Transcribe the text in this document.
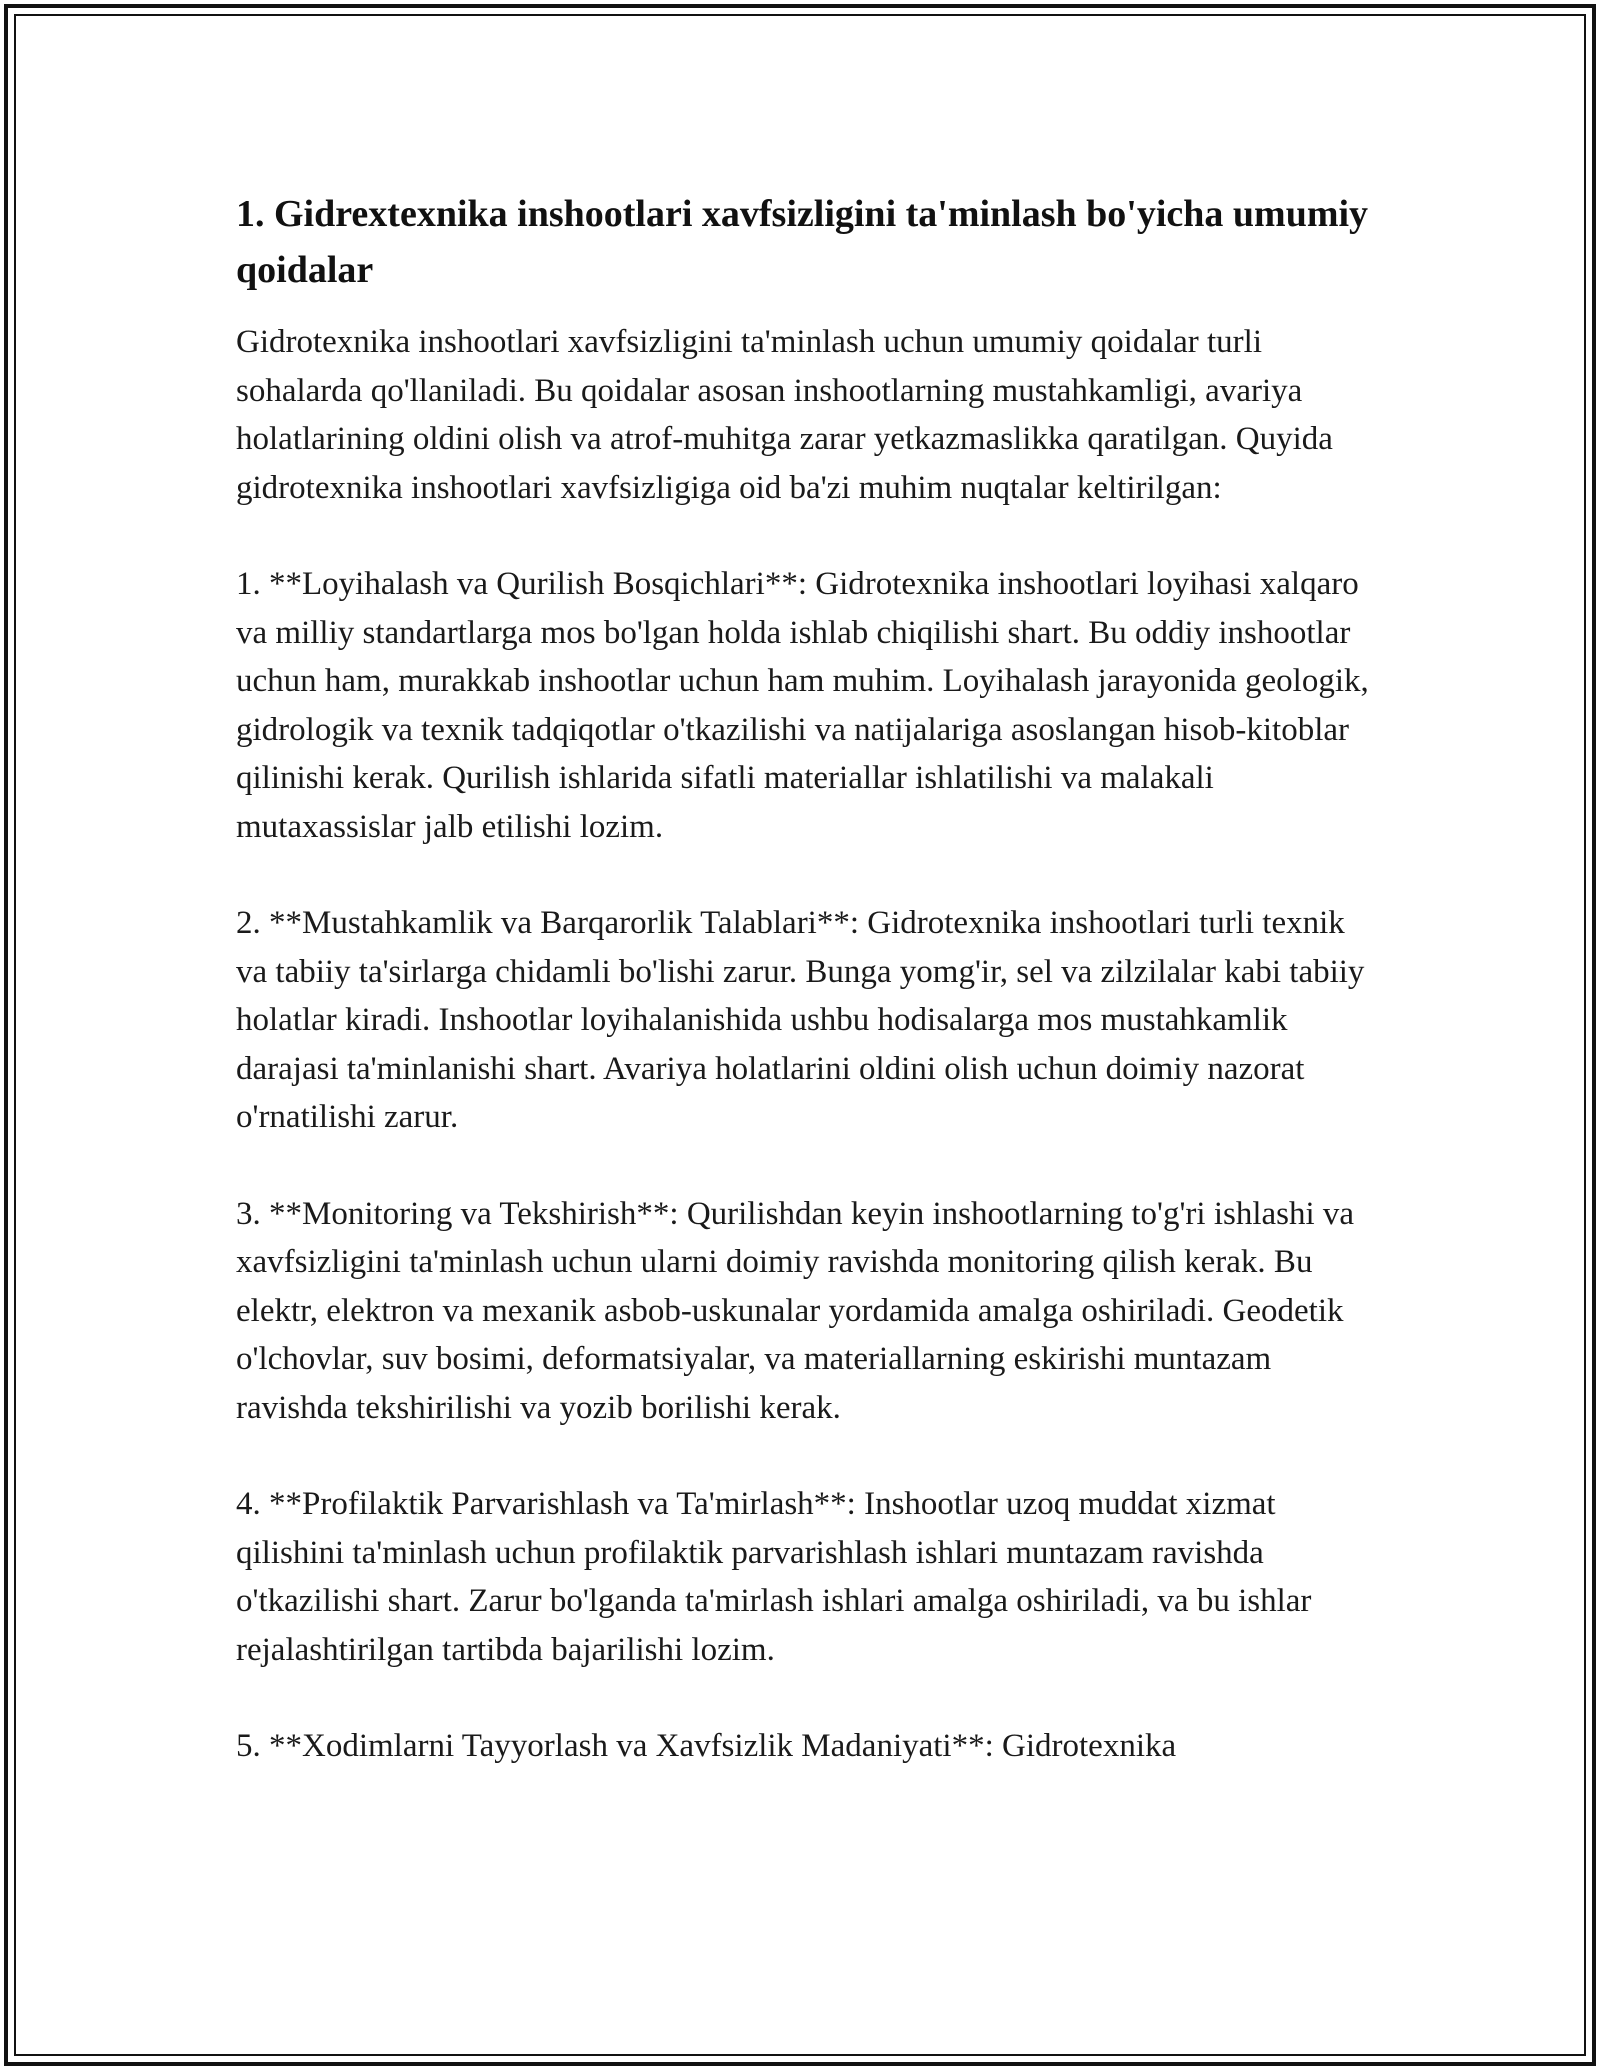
1. Gidrextexnika inshootlari xavfsizligini ta'minlash bo'yicha umumiy qoidalar

Gidrotexnika inshootlari xavfsizligini ta'minlash uchun umumiy qoidalar turli sohalarda qo'llaniladi. Bu qoidalar asosan inshootlarning mustahkamligi, avariya holatlarining oldini olish va atrof-muhitga zarar yetkazmaslikka qaratilgan. Quyida gidrotexnika inshootlari xavfsizligiga oid ba'zi muhim nuqtalar keltirilgan:

1. **Loyihalash va Qurilish Bosqichlari**: Gidrotexnika inshootlari loyihasi xalqaro va milliy standartlarga mos bo'lgan holda ishlab chiqilishi shart. Bu oddiy inshootlar uchun ham, murakkab inshootlar uchun ham muhim. Loyihalash jarayonida geologik, gidrologik va texnik tadqiqotlar o'tkazilishi va natijalariga asoslangan hisob-kitoblar qilinishi kerak. Qurilish ishlarida sifatli materiallar ishlatilishi va malakali mutaxassislar jalb etilishi lozim.

2. **Mustahkamlik va Barqarorlik Talablari**: Gidrotexnika inshootlari turli texnik va tabiiy ta'sirlarga chidamli bo'lishi zarur. Bunga yomg'ir, sel va zilzilalar kabi tabiiy holatlar kiradi. Inshootlar loyihalanishida ushbu hodisalarga mos mustahkamlik darajasi ta'minlanishi shart. Avariya holatlarini oldini olish uchun doimiy nazorat o'rnatilishi zarur.

3. **Monitoring va Tekshirish**: Qurilishdan keyin inshootlarning to'g'ri ishlashi va xavfsizligini ta'minlash uchun ularni doimiy ravishda monitoring qilish kerak. Bu elektr, elektron va mexanik asbob-uskunalar yordamida amalga oshiriladi. Geodetik o'lchovlar, suv bosimi, deformatsiyalar, va materiallarning eskirishi muntazam ravishda tekshirilishi va yozib borilishi kerak.

4. **Profilaktik Parvarishlash va Ta'mirlash**: Inshootlar uzoq muddat xizmat qilishini ta'minlash uchun profilaktik parvarishlash ishlari muntazam ravishda o'tkazilishi shart. Zarur bo'lganda ta'mirlash ishlari amalga oshiriladi, va bu ishlar rejalashtirilgan tartibda bajarilishi lozim.

5. **Xodimlarni Tayyorlash va Xavfsizlik Madaniyati**: Gidrotexnika
